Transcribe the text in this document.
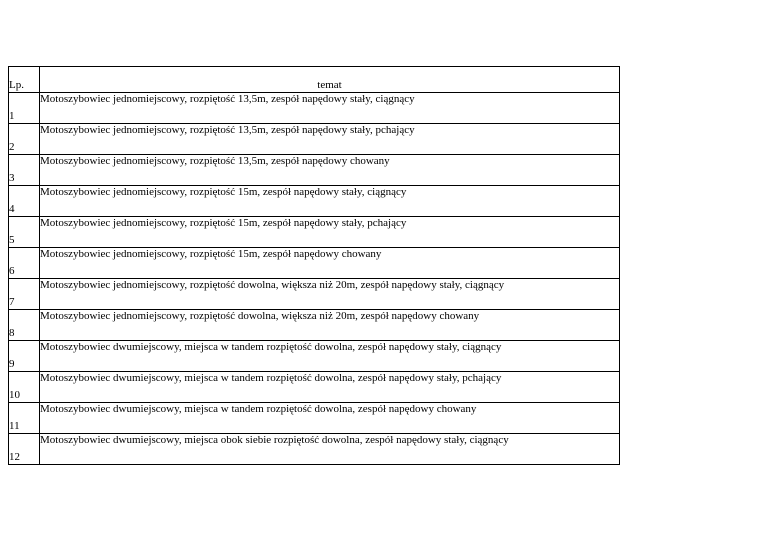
Lp.	temat
1	Motoszybowiec jednomiejscowy, rozpiętość 13,5m, zespół napędowy stały, ciągnący
2	Motoszybowiec jednomiejscowy, rozpiętość 13,5m, zespół napędowy stały, pchający
3	Motoszybowiec jednomiejscowy, rozpiętość 13,5m, zespół napędowy chowany
4	Motoszybowiec jednomiejscowy, rozpiętość 15m, zespół napędowy stały, ciągnący
5	Motoszybowiec jednomiejscowy, rozpiętość 15m, zespół napędowy stały, pchający
6	Motoszybowiec jednomiejscowy, rozpiętość 15m, zespół napędowy chowany
7	Motoszybowiec jednomiejscowy, rozpiętość dowolna, większa niż 20m, zespół napędowy stały, ciągnący
8	Motoszybowiec jednomiejscowy, rozpiętość dowolna, większa niż 20m, zespół napędowy chowany
9	Motoszybowiec dwumiejscowy, miejsca w tandem rozpiętość dowolna, zespół napędowy stały, ciągnący
10	Motoszybowiec dwumiejscowy, miejsca w tandem rozpiętość dowolna, zespół napędowy stały, pchający
11	Motoszybowiec dwumiejscowy, miejsca w tandem rozpiętość dowolna, zespół napędowy chowany
12	Motoszybowiec dwumiejscowy, miejsca obok siebie rozpiętość dowolna, zespół napędowy stały, ciągnący
